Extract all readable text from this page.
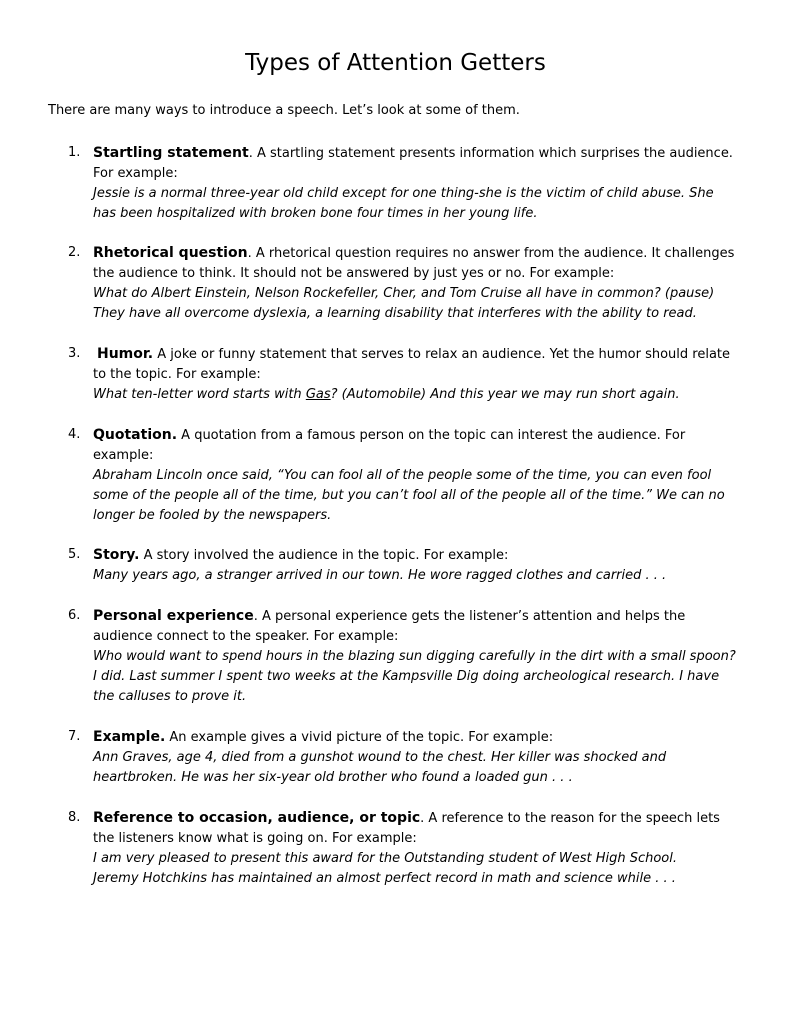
Types of Attention Getters
There are many ways to introduce a speech. Let’s look at some of them.
1. Startling statement. A startling statement presents information which surprises the audience.
For example:
Jessie is a normal three-year old child except for one thing-she is the victim of child abuse. She
has been hospitalized with broken bone four times in her young life.
2. Rhetorical question. A rhetorical question requires no answer from the audience. It challenges
the audience to think. It should not be answered by just yes or no. For example:
What do Albert Einstein, Nelson Rockefeller, Cher, and Tom Cruise all have in common? (pause)
They have all overcome dyslexia, a learning disability that interferes with the ability to read.
3.	Humor. A joke or funny statement that serves to relax an audience. Yet the humor should relate
to the topic. For example:
What ten-letter word starts with Gas? (Automobile) And this year we may run short again.
4. Quotation. A quotation from a famous person on the topic can interest the audience. For
example:
Abraham Lincoln once said, “You can fool all of the people some of the time, you can even fool
some of the people all of the time, but you can’t fool all of the people all of the time.” We can no
longer be fooled by the newspapers.
5. Story. A story involved the audience in the topic. For example:
Many years ago, a stranger arrived in our town. He wore ragged clothes and carried . . .
6. Personal experience. A personal experience gets the listener’s attention and helps the
audience connect to the speaker. For example:
Who would want to spend hours in the blazing sun digging carefully in the dirt with a small spoon?
I did. Last summer I spent two weeks at the Kampsville Dig doing archeological research. I have
the calluses to prove it.
7. Example. An example gives a vivid picture of the topic. For example:
Ann Graves, age 4, died from a gunshot wound to the chest. Her killer was shocked and
heartbroken. He was her six-year old brother who found a loaded gun . . .
8. Reference to occasion, audience, or topic. A reference to the reason for the speech lets
the listeners know what is going on. For example:
I am very pleased to present this award for the Outstanding student of West High School.
Jeremy Hotchkins has maintained an almost perfect record in math and science while . . .
